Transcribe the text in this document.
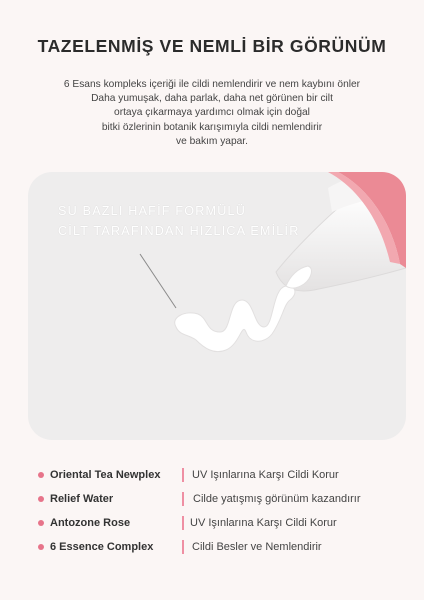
TAZELENMİŞ VE NEMLİ BİR GÖRÜNÜM
6 Esans kompleks içeriği ile cildi nemlendirir ve nem kaybını önler
Daha yumuşak, daha parlak, daha net görünen bir cilt
ortaya çıkarmaya yardımcı olmak için doğal
bitki özlerinin botanik karışımıyla cildi nemlendirir
ve bakım yapar.
SU BAZLI HAFİF FORMÜLÜ
CİLT TARAFINDAN HIZLICA EMİLİR
Oriental Tea Newplex	UV Işınlarına Karşı Cildi Korur
Relief Water	Cilde yatışmış görünüm kazandırır
Antozone Rose	UV Işınlarına Karşı Cildi Korur
6 Essence Complex	Cildi Besler ve Nemlendirir
